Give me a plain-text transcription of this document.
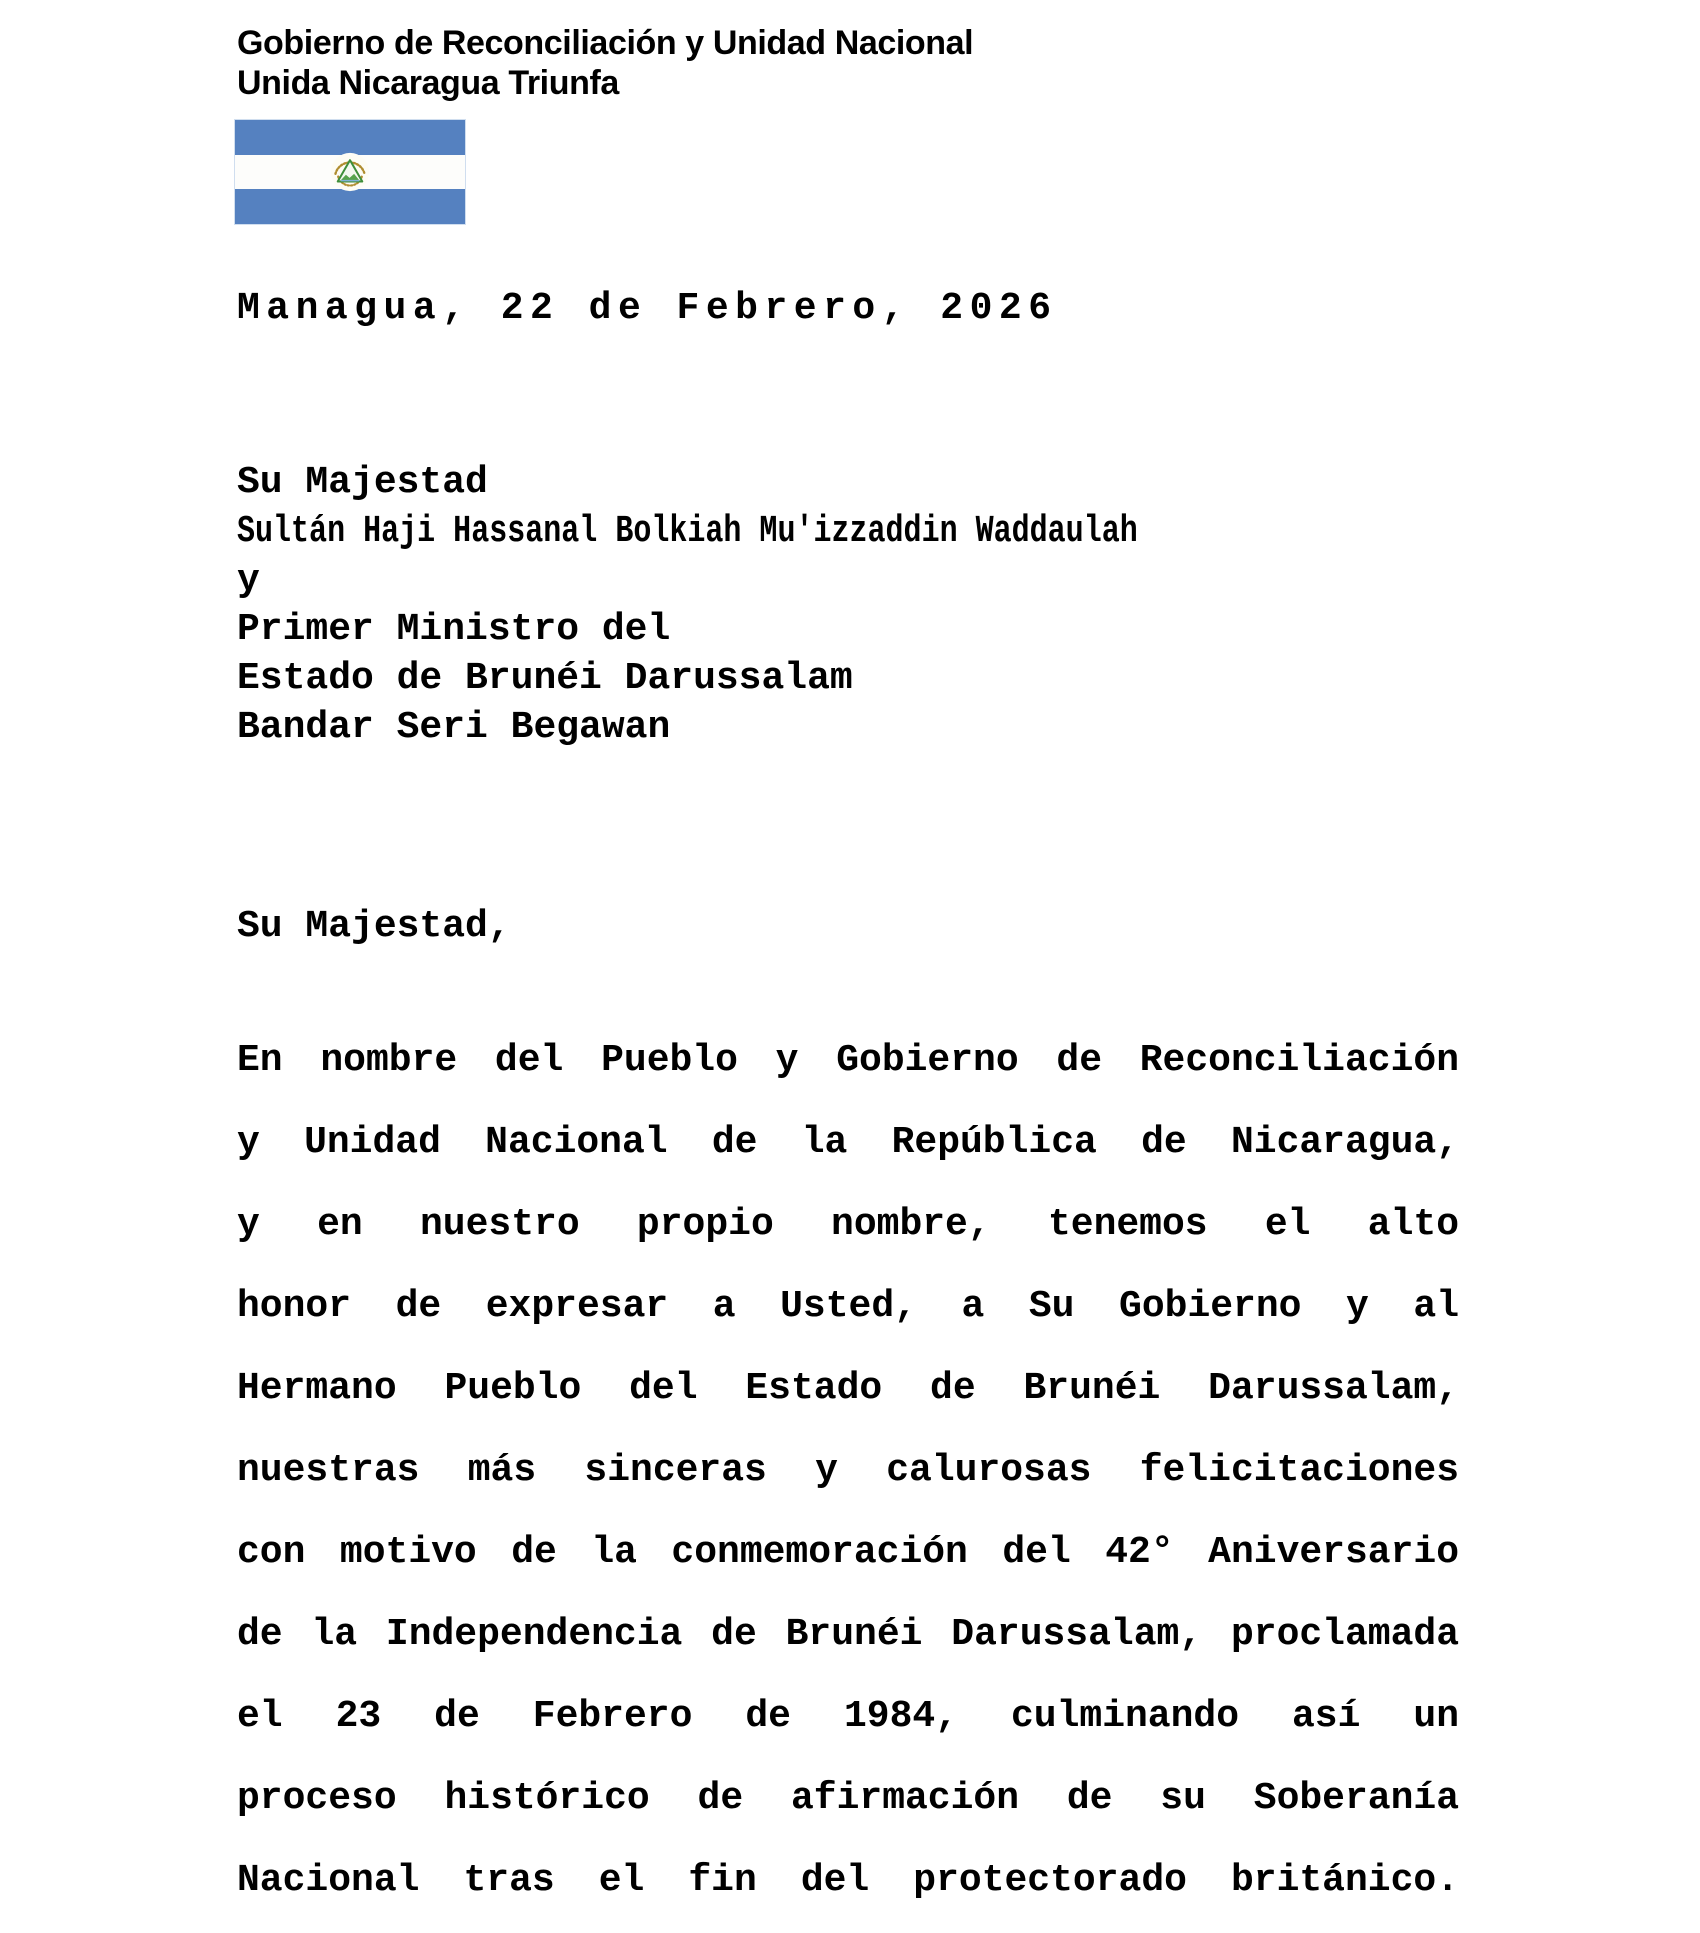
Gobierno de Reconciliación y Unidad Nacional
Unida Nicaragua Triunfa
Managua, 22 de Febrero, 2026
Su Majestad
Sultán Haji Hassanal Bolkiah Mu'izzaddin Waddaulah
y
Primer Ministro del
Estado de Brunéi Darussalam
Bandar Seri Begawan
Su Majestad,
En nombre del Pueblo y Gobierno de Reconciliación
y Unidad Nacional de la República de Nicaragua,
y en nuestro propio nombre, tenemos el alto
honor de expresar a Usted, a Su Gobierno y al
Hermano Pueblo del Estado de Brunéi Darussalam,
nuestras más sinceras y calurosas felicitaciones
con motivo de la conmemoración del 42° Aniversario
de la Independencia de Brunéi Darussalam, proclamada
el 23 de Febrero de 1984, culminando así un
proceso histórico de afirmación de su Soberanía
Nacional tras el fin del protectorado británico.
